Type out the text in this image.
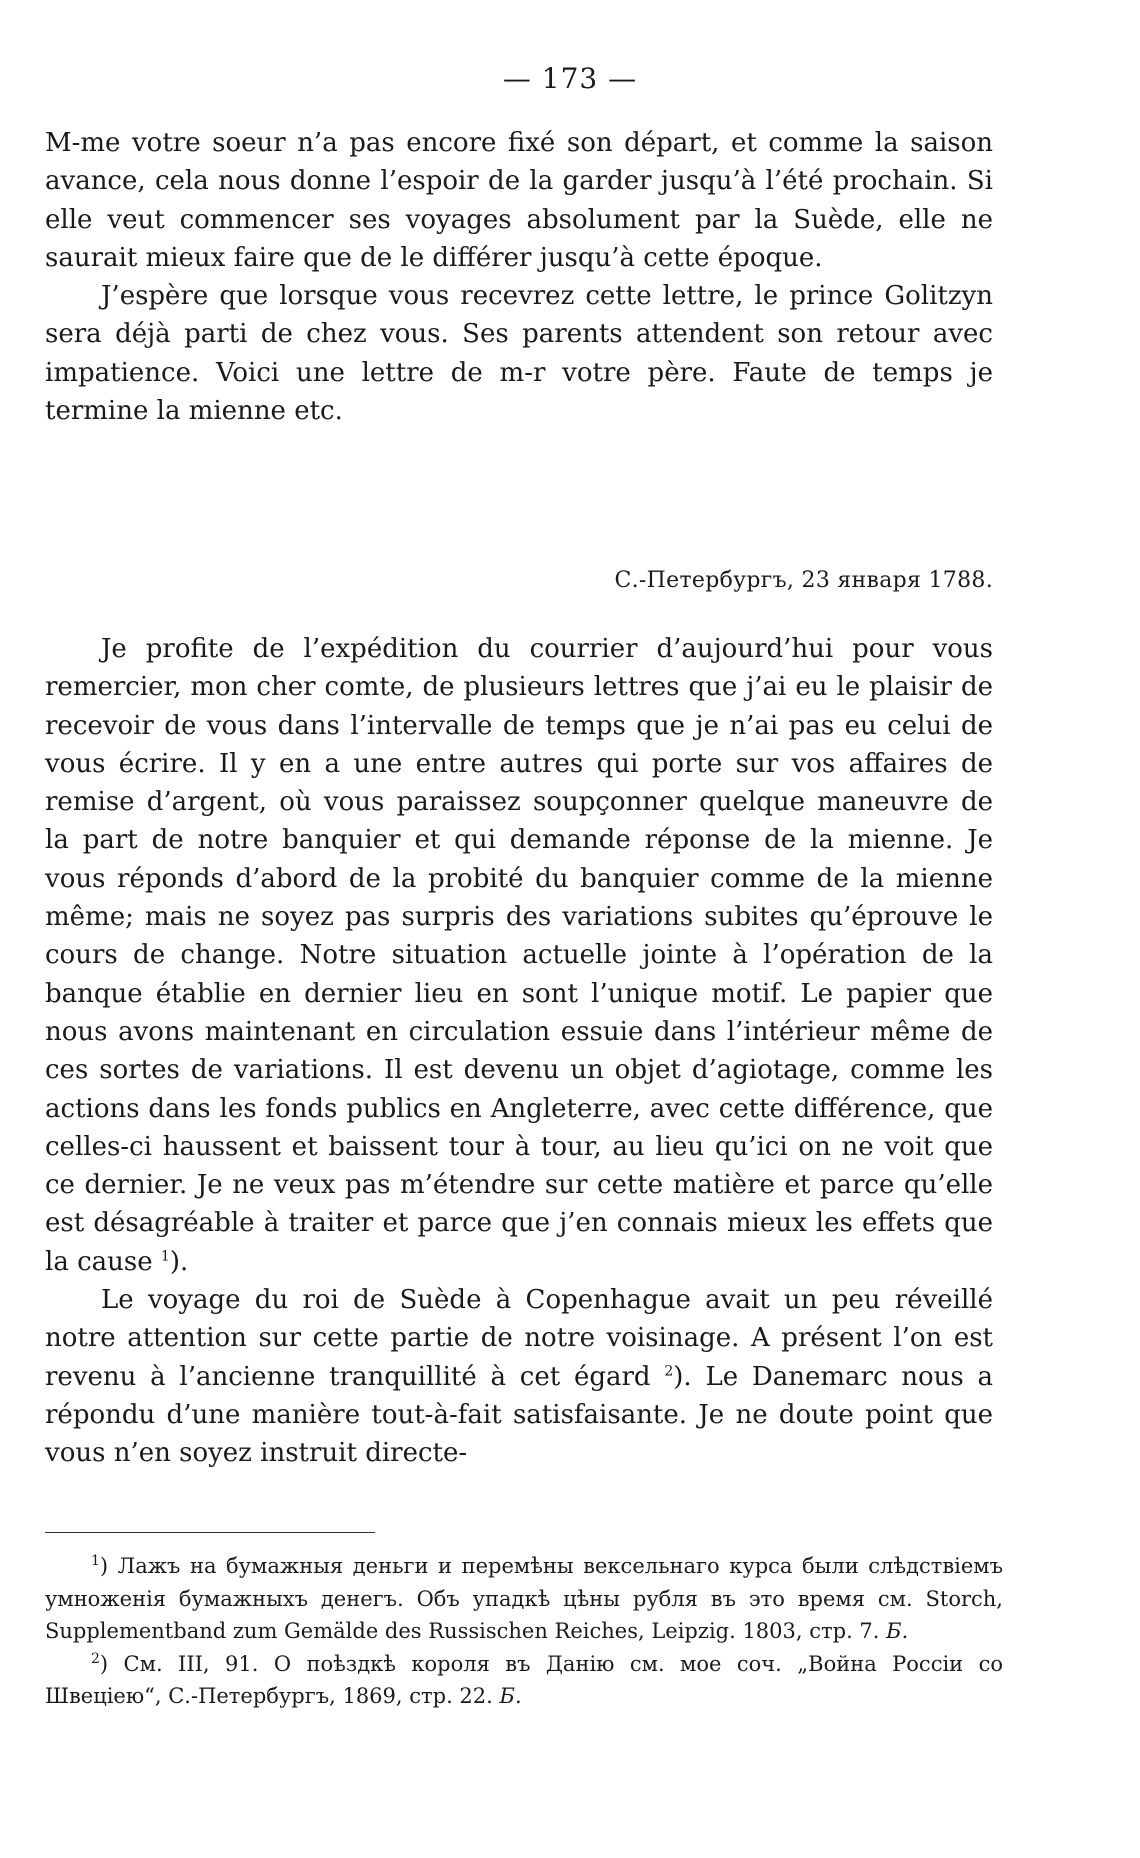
— 173 —

M-me votre soeur n’a pas encore fixé son départ, et comme la saison avance, cela nous donne l’espoir de la garder jusqu’à l’été prochain. Si elle veut commencer ses voyages absolument par la Suède, elle ne saurait mieux faire que de le différer jusqu’à cette époque.

J’espère que lorsque vous recevrez cette lettre, le prince Golitzyn sera déjà parti de chez vous. Ses parents attendent son retour avec impatience. Voici une lettre de m-r votre père. Faute de temps je termine la mienne etc.

С.-Петербургъ, 23 января 1788.

Je profite de l’expédition du courrier d’aujourd’hui pour vous remercier, mon cher comte, de plusieurs lettres que j’ai eu le plaisir de recevoir de vous dans l’intervalle de temps que je n’ai pas eu celui de vous écrire. Il y en a une entre autres qui porte sur vos affaires de remise d’argent, où vous paraissez soupçonner quelque maneuvre de la part de notre banquier et qui demande réponse de la mienne. Je vous réponds d’abord de la probité du banquier comme de la mienne même; mais ne soyez pas surpris des variations subites qu’éprouve le cours de change. Notre situation actuelle jointe à l’opération de la banque établie en dernier lieu en sont l’unique motif. Le papier que nous avons maintenant en circulation essuie dans l’intérieur même de ces sortes de variations. Il est devenu un objet d’agiotage, comme les actions dans les fonds publics en Angleterre, avec cette différence, que celles-ci haussent et baissent tour à tour, au lieu qu’ici on ne voit que ce dernier. Je ne veux pas m’étendre sur cette matière et parce qu’elle est désagréable à traiter et parce que j’en connais mieux les effets que la cause $^1$).

Le voyage du roi de Suède à Copenhague avait un peu réveillé notre attention sur cette partie de notre voisinage. A présent l’on est revenu à l’ancienne tranquillité à cet égard $^2$). Le Danemarc nous a répondu d’une manière tout-à-fait satisfaisante. Je ne doute point que vous n’en soyez instruit directe-

$^1$) Лажъ на бумажныя деньги и перемѣны вексельнаго курса были слѣдствіемъ умноженія бумажныхъ денегъ. Объ упадкѣ цѣны рубля въ это время см. Storch, Supplementband zum Gemälde des Russischen Reiches, Leipzig. 1803, стр. 7. Б.

$^2$) См. III, 91. О поѣздкѣ короля въ Данію см. мое соч. „Война Россіи со Швеціею“, С.-Петербургъ, 1869, стр. 22. Б.
